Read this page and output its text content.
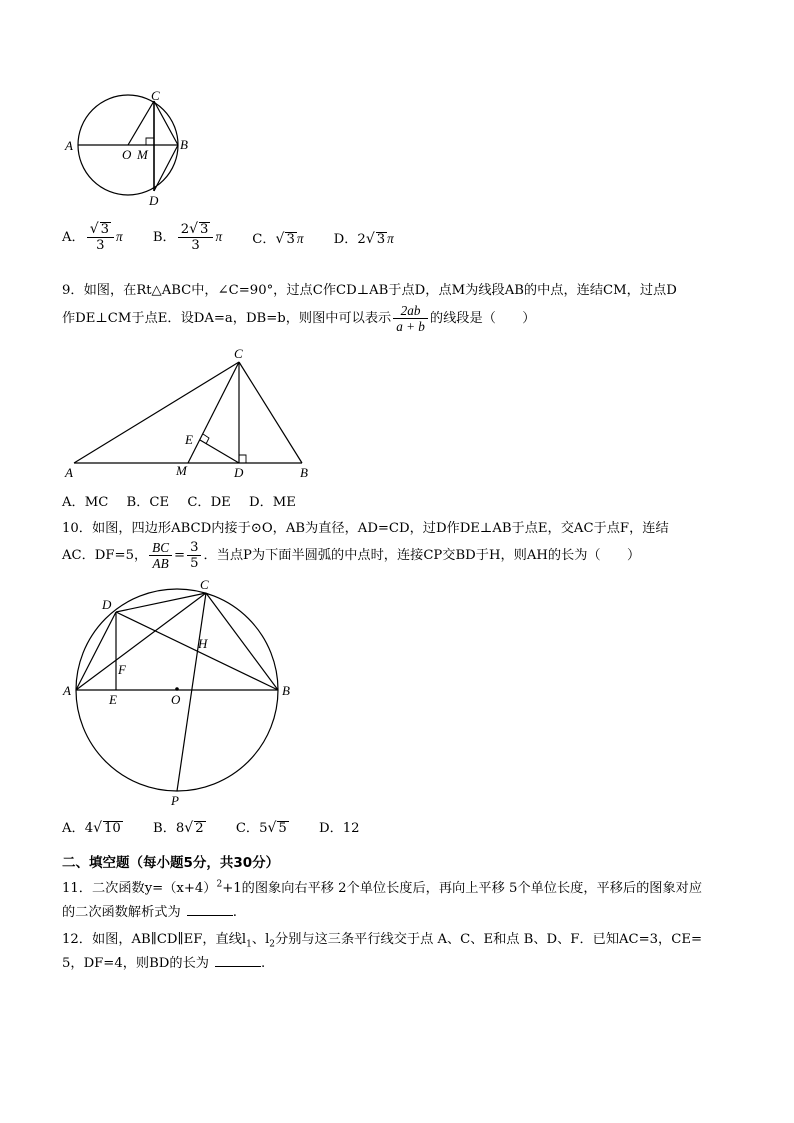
A	B
C
D
O M
A． $\frac{√ 3}{3}$ π B． $\frac{2√ 3}{3}$ π C．√ 3 π D．2√ 3 π
9．如图，在Rt△ABC中，∠C=90°，过点C作CD⊥AB于点D，点M为线段AB的中点，连结CM，过点D
作DE⊥CM于点E．设DA=a，DB=b，则图中可以表示 $\frac{2ab}{a + b}$ 的线段是（　　）
A	B
C
D
E
M
A．MC B．CE C．DE D．ME
10．如图，四边形ABCD内接于⊙O，AB为直径，AD=CD，过D作DE⊥AB于点E，交AC于点F，连结
AC．DF=5， $\frac{BC}{AB} = \frac{3}{5}$ ．当点P为下面半圆弧的中点时，连接CP交BD于H，则AH的长为（　　）
A	B
C
D
E
F
H
O
P
A．4√ 10 B．8√ 2 C．5√ 5 D．12
二、填空题（每小题5分，共30分）
11．二次函数$y=(x+4)^2+1$的图象向右平移 2个单位长度后，再向上平移 5个单位长度，平移后的图象对应
的二次函数解析式为	.
12．如图，AB∥CD∥EF，直线$l_1$、$l_2$分别与这三条平行线交于点 A、C、E和点 B、D、F．已知AC=3，CE=
5，DF=4，则BD的长为	.
